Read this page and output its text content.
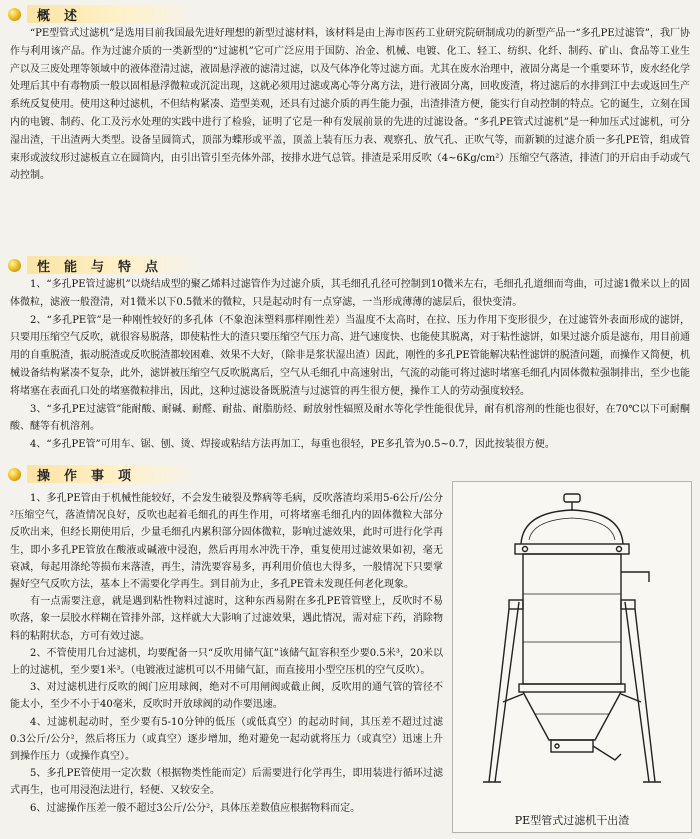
概述

“PE型管式过滤机”是选用目前我国最先进好理想的新型过滤材料，该材料是由上海市医药工业研究院研制成功的新型产品一“多孔PE过滤管”，我厂协作与利用该产品。作为过滤介质的一类新型的“过滤机”它可广泛应用于国防、冶金、机械、电镀、化工、轻工、纺织、化纤、制药、矿山、食品等工业生产以及三废处理等领域中的液体澄清过滤，液固悬浮液的滤清过滤，以及气体净化等过滤方面。尤其在废水治理中，液固分离是一个重要环节，废水经化学处理后其中有毒物质一般以固相悬浮微粒或沉淀出现，这就必须用过滤或离心等分离方法，进行液固分离，回收废渣，将过滤后的水排到江中去或返回生产系统反复使用。使用这种过滤机，不但结构紧凑、造型美观，还具有过滤介质的再生能力强，出渣排渣方便，能实行自动控制的特点。它的诞生，立刻在国内的电镀、制药、化工及污水处理的实践中进行了检验，证明了它是一种有发展前景的先进的过滤设备。“多孔PE管式过滤机”是一种加压式过滤机，可分湿出渣，干出渣两大类型。设备呈圆筒式，顶部为蝶形或平盖，顶盖上装有压力表、观察孔、放气孔、正吹气等，而新颖的过滤介质一多孔PE管，组成管束形或波纹形过滤板直立在圆筒内，由引出管引至壳体外部，按排水进气总管。排渣是采用反吹（4~6Kg/cm²）压缩空气落渣，排渣门的开启由手动或气动控制。

性能与特点

1、“多孔PE管过滤机”以烧结成型的聚乙烯料过滤管作为过滤介质，其毛细孔孔径可控制到10微米左右，毛细孔孔道细而弯曲，可过滤1微米以上的固体微粒，滤液一般澄清，对1微米以下0.5微米的微粒，只是起动时有一点穿滤，一当形成薄薄的滤层后，很快变清。

2、“多孔PE管”是一种刚性较好的多孔体（不象泡沫塑料那样刚性差）当温度不太高时，在拉、压力作用下变形很少，在过滤管外表面形成的滤饼，只要用压缩空气反吹，就很容易脱落，即使粘性大的渣只要压缩空气压力高、进气速度快、也能使其脱离，对于粘性滤饼，如果过滤介质是滤布，用目前通用的自重脱渣，振动脱渣或反吹脱渣都较困难、效果不大好，（除非是浆状湿出渣）因此，刚性的多孔PE管能解决粘性滤饼的脱渣问题，而操作又简便，机械设备结构紧凑不复杂，此外，滤饼被压缩空气反吹脱离后，空气从毛细孔中高速射出，气流的动能可将过滤时堵塞毛细孔内固体微粒强制排出，至少也能将堵塞在表面孔口处的堵塞微粒排出，因此，这种过滤设备既脱渣与过滤管的再生很方便，操作工人的劳动强度较轻。

3、“多孔PE过滤管”能耐酸、耐碱、耐醛、耐盐、耐脂肪烃、耐放射性辐照及耐水等化学性能很优异，耐有机溶剂的性能也很好，在70℃以下可耐酮酸、醚等有机溶剂。

4、“多孔PE管”可用车、锯、刨、烫、焊接或粘结方法再加工，每重也很轻，PE多孔管为0.5~0.7，因此按装很方便。

操作事项

1、多孔PE管由于机械性能较好，不会发生破裂及弊病等毛病，反吹落渣均采用5-6公斤/公分²压缩空气，落渣情况良好，反吹也起着毛细孔的再生作用，可将堵塞毛细孔内的固体微粒大部分反吹出来，但经长期使用后，少量毛细孔内累积部分固体微粒，影响过滤效果，此时可进行化学再生，即小多孔PE管放在酸液或碱液中浸泡，然后再用水冲洗干净，重复使用过滤效果如初，毫无衰减，每起用涤纶等损布来落渣，再生，清洗要容易多，再利用价值也大得多，一般情况下只要掌握好空气反吹方法，基本上不需要化学再生。到目前为止，多孔PE管未发现任何老化现象。

有一点需要注意，就是遇到粘性物料过滤时，这种东西易附在多孔PE管管壁上，反吹时不易吹落，象一层胶水样糊在管排外部，这样就大大影响了过滤效果，遇此情况，需对症下药，消除物料的粘附状态，方可有效过滤。

2、不管使用几台过滤机，均要配备一只“反吹用储气缸”该储气缸容积至少要0.5米³，20米以上的过滤机，至少要1米³。（电镀液过滤机可以不用储气缸，而直接用小型空压机的空气反吹）。

3、对过滤机进行反吹的阀门应用球阀，绝对不可用闸阀或截止阀，反吹用的通气管的管径不能太小，至少不小于40毫米，反吹时开放球阀的动作要迅速。

4、过滤机起动时，至少要有5-10分钟的低压（或低真空）的起动时间，其压差不超过过滤0.3公斤/公分²，然后将压力（或真空）逐步增加，绝对避免一起动就将压力（或真空）迅速上升到操作压力（或操作真空）。

5、多孔PE管使用一定次数（根据物类性能而定）后需要进行化学再生，即用装进行循环过滤式再生，也可用浸泡法进行，轻便、又较安全。

6、过滤操作压差一般不超过3公斤/公分²，具体压差数值应根据物料而定。

PE型管式过滤机干出渣
